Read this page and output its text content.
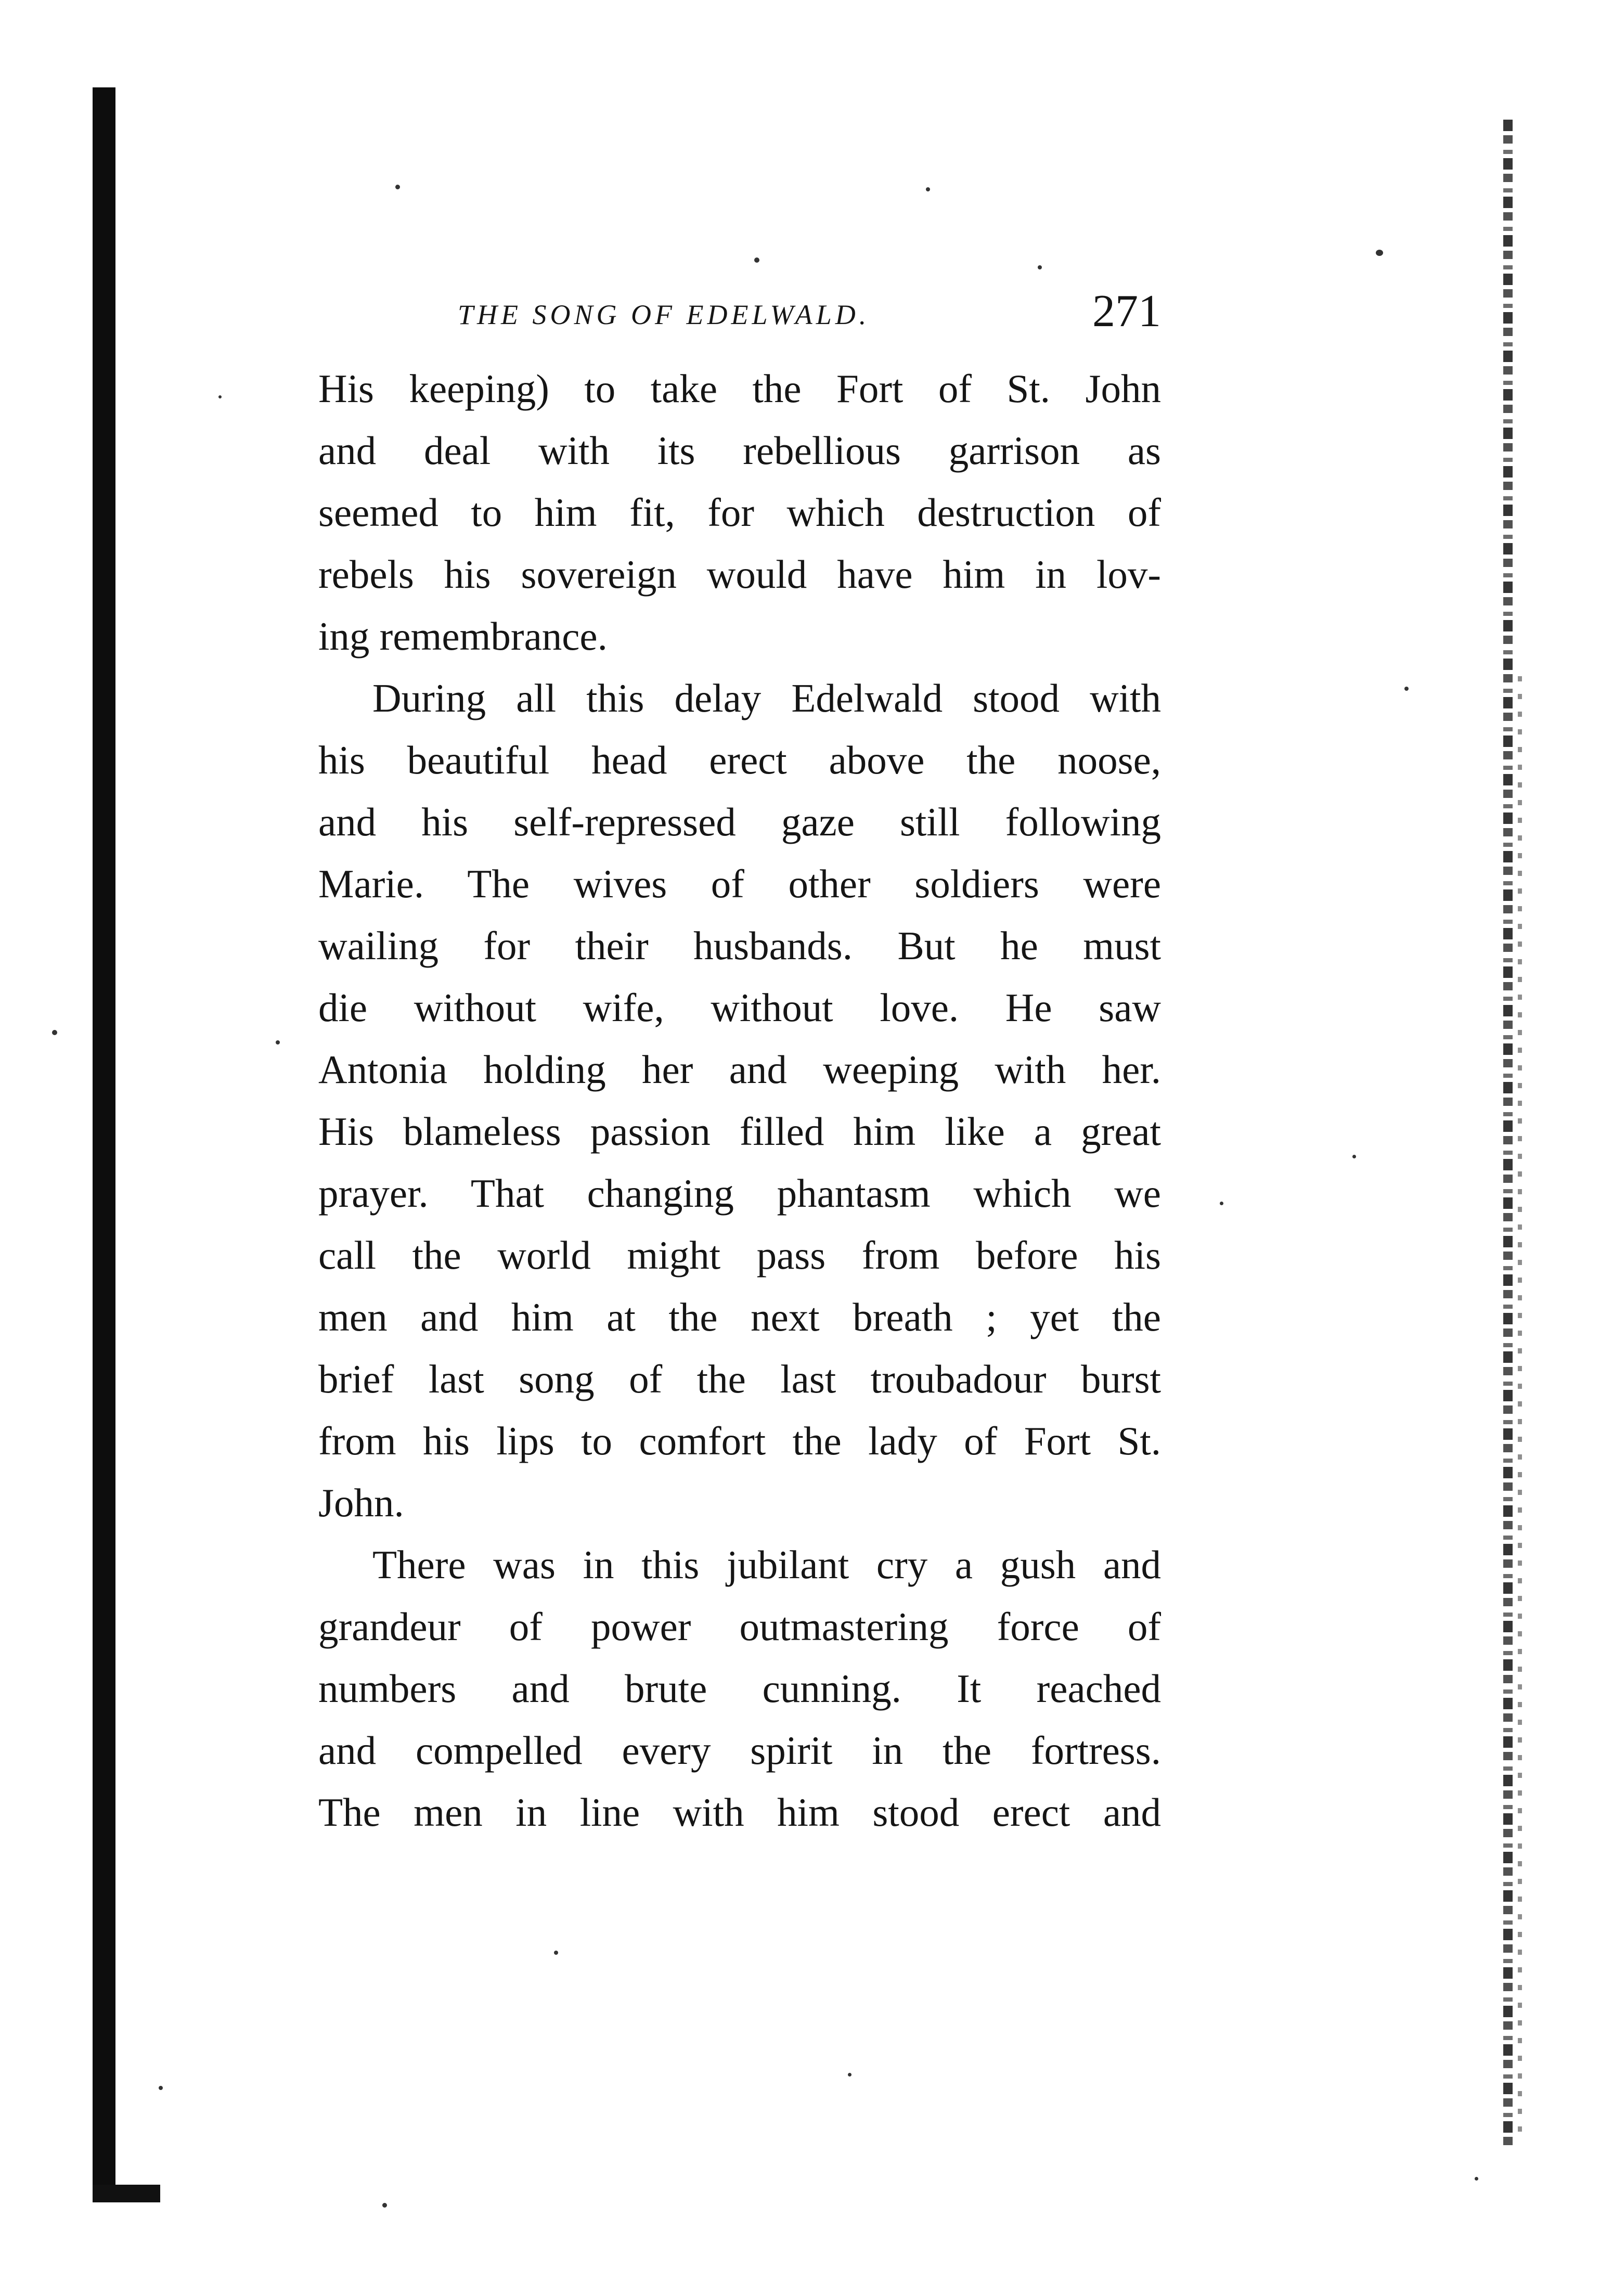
THE SONG OF EDELWALD.	271
His keeping) to take the Fort of St. John
and deal with its rebellious garrison as
seemed to him fit, for which destruction of
rebels his sovereign would have him in lov-
ing remembrance.
During all this delay Edelwald stood with
his beautiful head erect above the noose,
and his self-repressed gaze still following
Marie. The wives of other soldiers were
wailing for their husbands. But he must
die without wife, without love. He saw
Antonia holding her and weeping with her.
His blameless passion filled him like a great
prayer. That changing phantasm which we
call the world might pass from before his
men and him at the next breath ; yet the
brief last song of the last troubadour burst
from his lips to comfort the lady of Fort St.
John.
There was in this jubilant cry a gush and
grandeur of power outmastering force of
numbers and brute cunning. It reached
and compelled every spirit in the fortress.
The men in line with him stood erect and
